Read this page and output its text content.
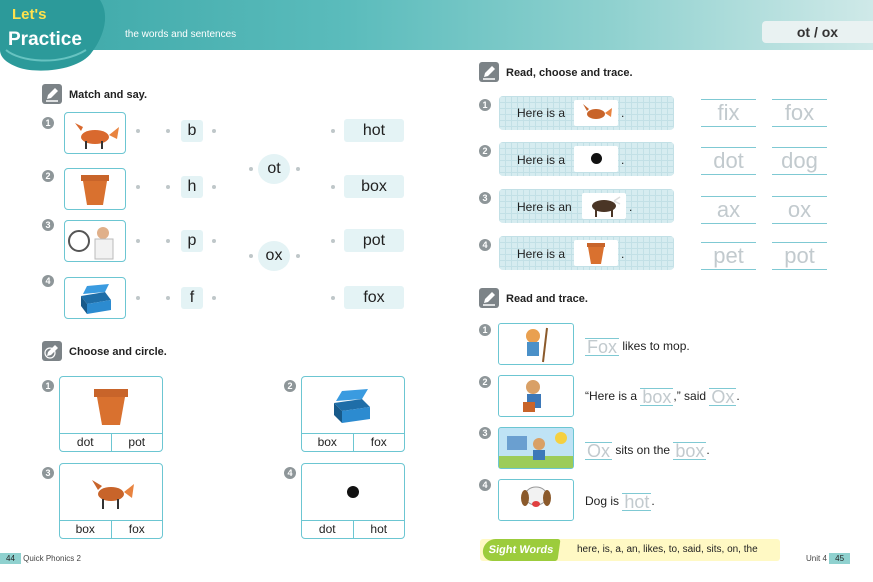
Let's
Practice	the words and sentences	ot / ox
Match and say.
1
2
3
4
b
h
p
f
ot
ox
hot
box
pot
fox
Choose and circle.
1
dot	pot
2
box	fox
3
box	fox
4
dot	hot
Read, choose and trace.
1
Here is a	.	fix	fox
2
Here is a	.	dot	dog
3
Here is an	.	ax	ox
4
Here is a	.	pet	pot
Read and trace.
1
Fox likes to mop.
2
“Here is a box ,” said Ox .
3
Ox sits on the box .
4
Dog is hot .
44 Quick Phonics 2
Sight Words	here, is, a, an, likes, to, said, sits, on, the
Unit 4 45
